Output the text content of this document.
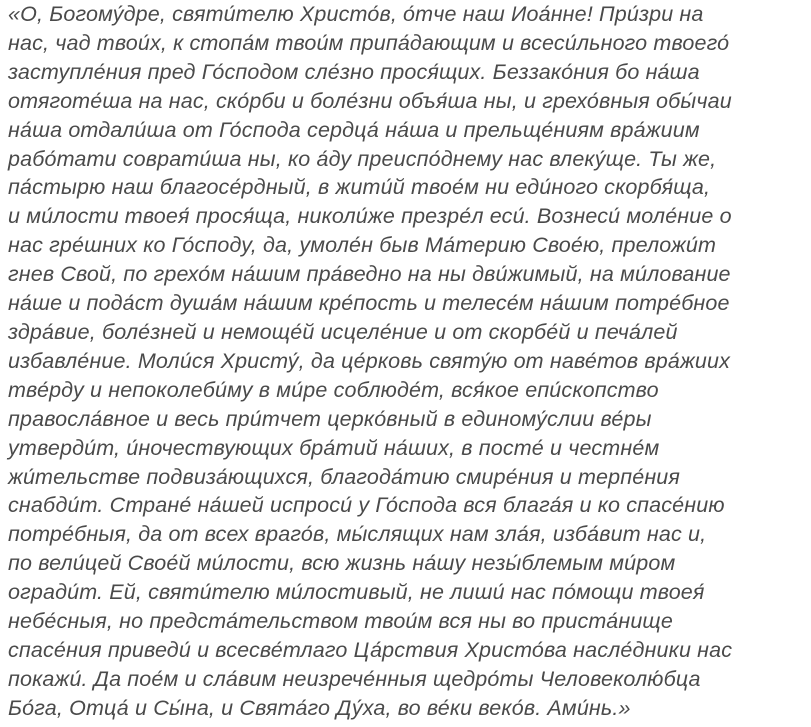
«О, Богому́дре, святи́телю Христо́в, о́тче наш Иоа́нне! При́зри на
нас, чад твои́х, к стопа́м твои́м припа́дающим и всеси́льного твоего́
заступле́ния пред Го́сподом сле́зно прося́щих. Беззако́ния бо на́ша
отяготе́ша на нас, ско́рби и боле́зни объя́ша ны, и грехо́вныя обы́чаи
на́ша отдали́ша от Го́спода сердца́ на́ша и прельще́ниям вра́жиим
рабо́тати соврати́ша ны, ко а́ду преиспо́днему нас влеку́ще. Ты же,
па́стырю наш благосе́рдный, в жити́й твое́м ни еди́ного скорбя́ща,
и ми́лости твоея́ прося́ща, николи́же презре́л еси́. Вознеси́ моле́ние о
нас гре́шних ко Го́споду, да, умоле́н быв Ма́терию Свое́ю, преложи́т
гнев Свой, по грехо́м на́шим пра́ведно на ны дви́жимый, на ми́лование
на́ше и пода́ст душа́м на́шим кре́пость и телесе́м на́шим потре́бное
здра́вие, боле́зней и немоще́й исцеле́ние и от скорбе́й и печа́лей
избавле́ние. Моли́ся Христу́, да це́рковь святу́ю от наве́тов вра́жиих
тве́рду и непоколеби́му в ми́ре соблюде́т, вся́кое епи́скопство
правосла́вное и весь при́тчет церко́вный в единому́слии ве́ры
утверди́т, и́ночествующих бра́тий на́ших, в посте́ и честне́м
жи́тельстве подвиза́ющихся, благода́тию смире́ния и терпе́ния
снабди́т. Стране́ на́шей испроси́ у Го́спода вся блага́я и ко спасе́нию
потре́бныя, да от всех враго́в, мы́слящих нам зла́я, изба́вит нас и,
по вели́цей Свое́й ми́лости, всю жизнь на́шу незы́блемым ми́ром
огради́т. Ей, святи́телю ми́лостивый, не лиши́ нас по́мощи твоея́
небе́сныя, но предста́тельством твои́м вся ны во приста́нище
спасе́ния приведи́ и всесве́тлаго Ца́рствия Христо́ва насле́дники нас
покажи́. Да пое́м и сла́вим неизрече́нныя щедро́ты Человеколю́бца
Бо́га, Отца́ и Сы́на, и Свята́го Ду́ха, во ве́ки веко́в. Ами́нь.»
